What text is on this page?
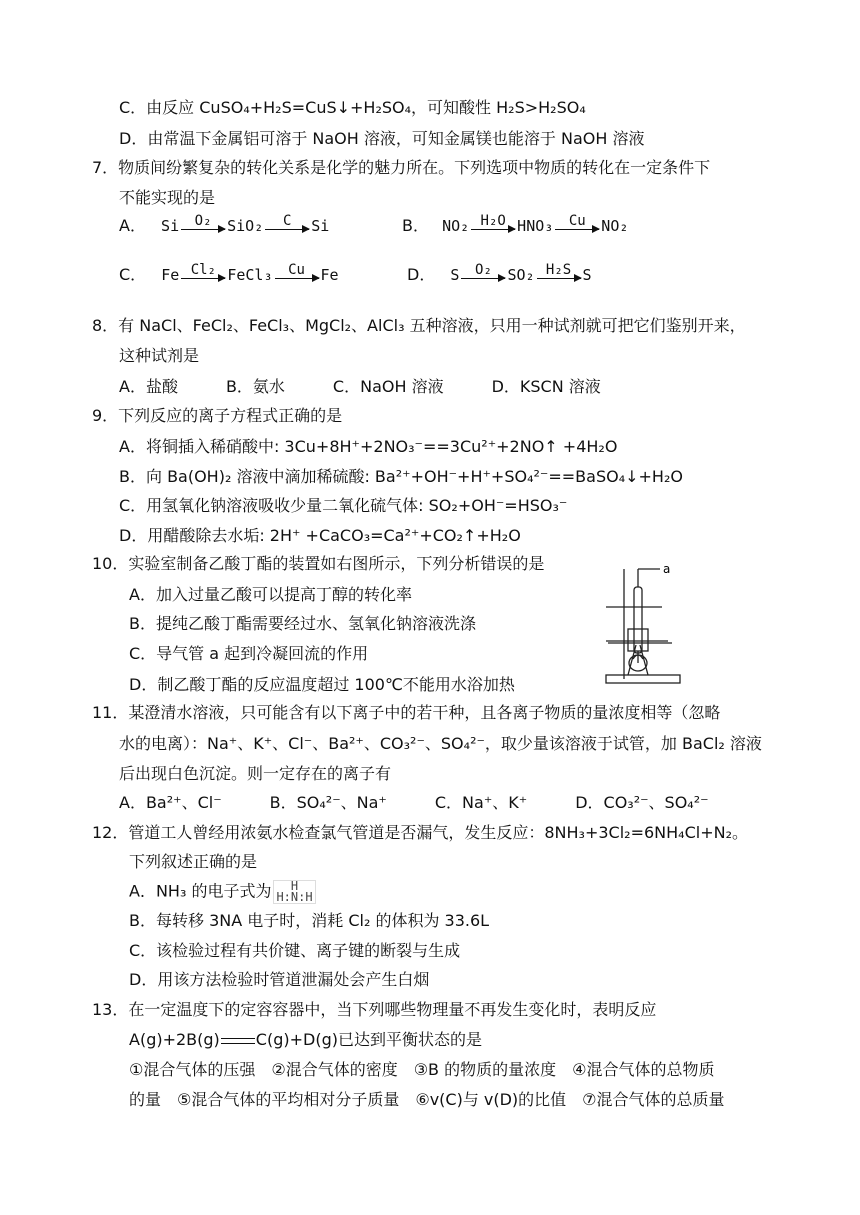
C．由反应 CuSO₄+H₂S=CuS↓+H₂SO₄，可知酸性 H₂S>H₂SO₄
D．由常温下金属铝可溶于 NaOH 溶液，可知金属镁也能溶于 NaOH 溶液
7．物质间纷繁复杂的转化关系是化学的魅力所在。下列选项中物质的转化在一定条件下
不能实现的是
A． Si O₂ SiO₂ C Si	B． NO₂ H₂O HNO₃ Cu NO₂
C． Fe Cl₂ FeCl₃ Cu Fe	D． S O₂ SO₂ H₂S S
8．有 NaCl、FeCl₂、FeCl₃、MgCl₂、AlCl₃ 五种溶液，只用一种试剂就可把它们鉴别开来，
这种试剂是
A．盐酸　　　B．氨水　　　C．NaOH 溶液　　　D．KSCN 溶液
9．下列反应的离子方程式正确的是
A．将铜插入稀硝酸中: 3Cu+8H⁺+2NO₃⁻==3Cu²⁺+2NO↑ +4H₂O
B．向 Ba(OH)₂ 溶液中滴加稀硫酸: Ba²⁺+OH⁻+H⁺+SO₄²⁻==BaSO₄↓+H₂O
C．用氢氧化钠溶液吸收少量二氧化硫气体: SO₂+OH⁻=HSO₃⁻
D．用醋酸除去水垢: 2H⁺ +CaCO₃=Ca²⁺+CO₂↑+H₂O
10．实验室制备乙酸丁酯的装置如右图所示，下列分析错误的是
A．加入过量乙酸可以提高丁醇的转化率
B．提纯乙酸丁酯需要经过水、氢氧化钠溶液洗涤
C．导气管 a 起到冷凝回流的作用
D．制乙酸丁酯的反应温度超过 100℃不能用水浴加热
a
11．某澄清水溶液，只可能含有以下离子中的若干种，且各离子物质的量浓度相等（忽略
水的电离）：Na⁺、K⁺、Cl⁻、Ba²⁺、CO₃²⁻、SO₄²⁻，取少量该溶液于试管，加 BaCl₂ 溶液
后出现白色沉淀。则一定存在的离子有
A．Ba²⁺、Cl⁻　　　B．SO₄²⁻、Na⁺　　　C．Na⁺、K⁺　　　D．CO₃²⁻、SO₄²⁻
12．管道工人曾经用浓氨水检查氯气管道是否漏气，发生反应：8NH₃+3Cl₂=6NH₄Cl+N₂。
下列叙述正确的是
A．NH₃ 的电子式为	H
H:N:H
B．每转移 3NA 电子时，消耗 Cl₂ 的体积为 33.6L
C．该检验过程有共价键、离子键的断裂与生成
D．用该方法检验时管道泄漏处会产生白烟
13．在一定温度下的定容容器中，当下列哪些物理量不再发生变化时，表明反应
A(g)+2B(g) C(g)+D(g)已达到平衡状态的是
①混合气体的压强　②混合气体的密度　③B 的物质的量浓度　④混合气体的总物质
的量　⑤混合气体的平均相对分子质量　⑥v(C)与 v(D)的比值　⑦混合气体的总质量
